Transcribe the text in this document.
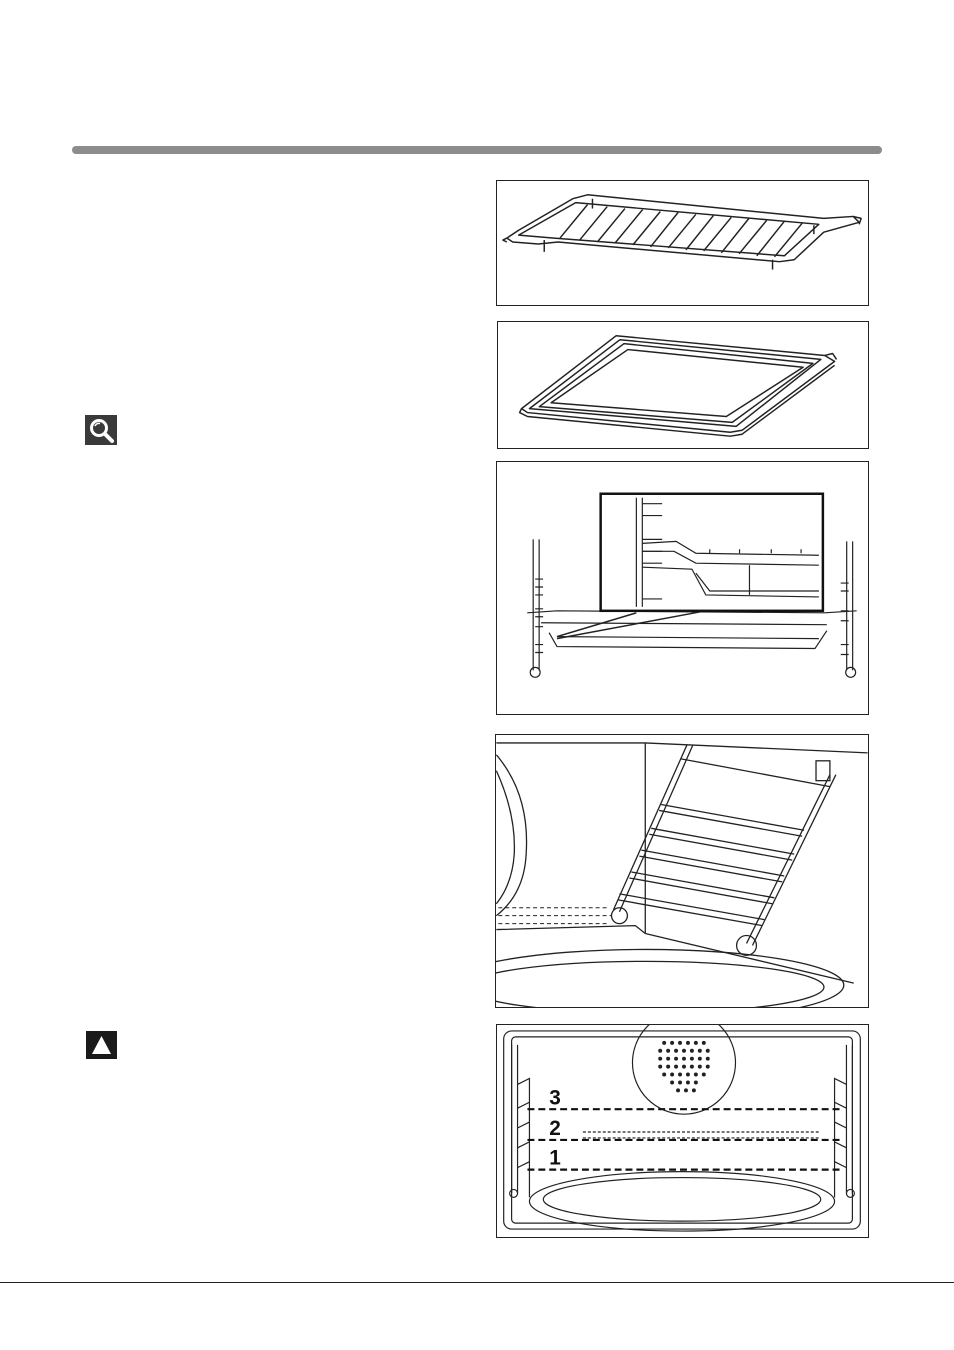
3
2
1
